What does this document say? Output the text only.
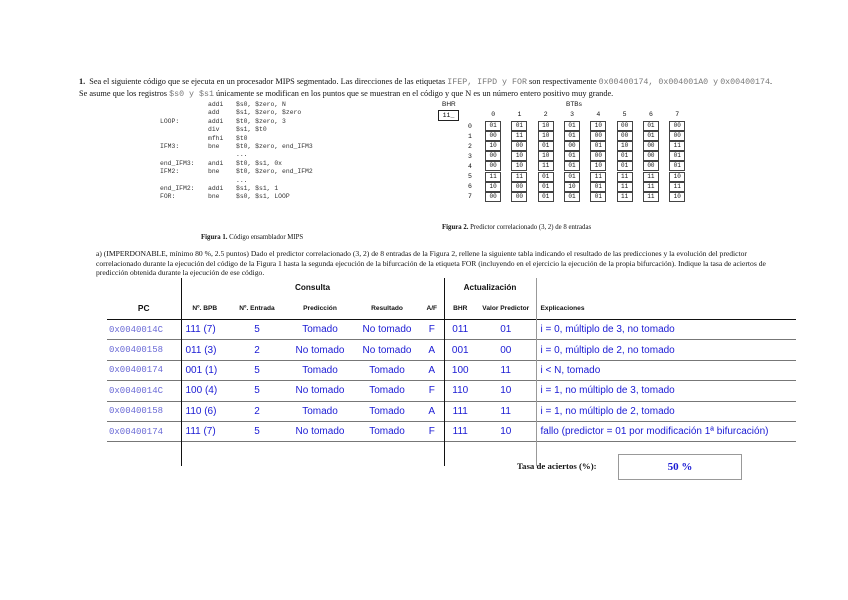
1. Sea el siguiente código que se ejecuta en un procesador MIPS segmentado. Las direcciones de las etiquetas IFEP, IFPD y FOR son respectivamente 0x00400174, 0x004001A0 y 0x00400174. Se asume que los registros $s0 y $s1 únicamente se modifican en los puntos que se muestran en el código y que N es un número entero positivo muy grande.
addi	$s0, $zero, N
add	$s1, $zero, $zero
LOOP:	addi	$t0, $zero, 3
div	$s1, $t0
mfhi	$t0
IFM3:	bne	$t0, $zero, end_IFM3
...
end_IFM3:	andi	$t0, $s1, 0x
IFM2:	bne	$t0, $zero, end_IFM2
...
end_IFM2:	addi	$s1, $s1, 1
FOR:	bne	$s0, $s1, LOOP
Figura 1. Código ensamblador MIPS
BHR
11_
BTBs
0	1	2	3	4	5	6	7
0	01	01	10	01	10	00	01	00
1	00	11	10	01	00	00	01	00
2	10	00	01	00	01	10	00	11
3	00	10	10	01	00	01	00	01
4	00	10	11	01	10	01	00	01
5	11	11	01	01	11	11	11	10
6	10	00	01	10	01	11	11	11
7	00	00	01	01	01	11	11	10
Figura 2. Predictor correlacionado (3, 2) de 8 entradas
a) (IMPERDONABLE, mínimo 80 %, 2.5 puntos) Dado el predictor correlacionado (3, 2) de 8 entradas de la Figura 2, rellene la siguiente tabla indicando el resultado de las predicciones y la evolución del predictor correlacionado durante la ejecución del código de la Figura 1 hasta la segunda ejecución de la bifurcación de la etiqueta FOR (incluyendo en el ejercicio la ejecución de la propia bifurcación). Indique la tasa de aciertos de predicción obtenida durante la ejecución de ese código.
	Consulta					Actualización		
PC	Nº. BPB	Nº. Entrada	Predicción	Resultado	A/F	BHR	Valor Predictor	Explicaciones
0x0040014C	111 (7)	5	Tomado	No tomado	F	011	01	i = 0, múltiplo de 3, no tomado
0x00400158	011 (3)	2	No tomado	No tomado	A	001	00	i = 0, múltiplo de 2, no tomado
0x00400174	001 (1)	5	Tomado	Tomado	A	100	11	i < N, tomado
0x0040014C	100 (4)	5	No tomado	Tomado	F	110	10	i = 1, no múltiplo de 3, tomado
0x00400158	110 (6)	2	Tomado	Tomado	A	111	11	i = 1, no múltiplo de 2, tomado
0x00400174	111 (7)	5	No tomado	Tomado	F	111	10	fallo (predictor = 01 por modificación 1ª bifurcación)

Tasa de aciertos (%):	50 %
